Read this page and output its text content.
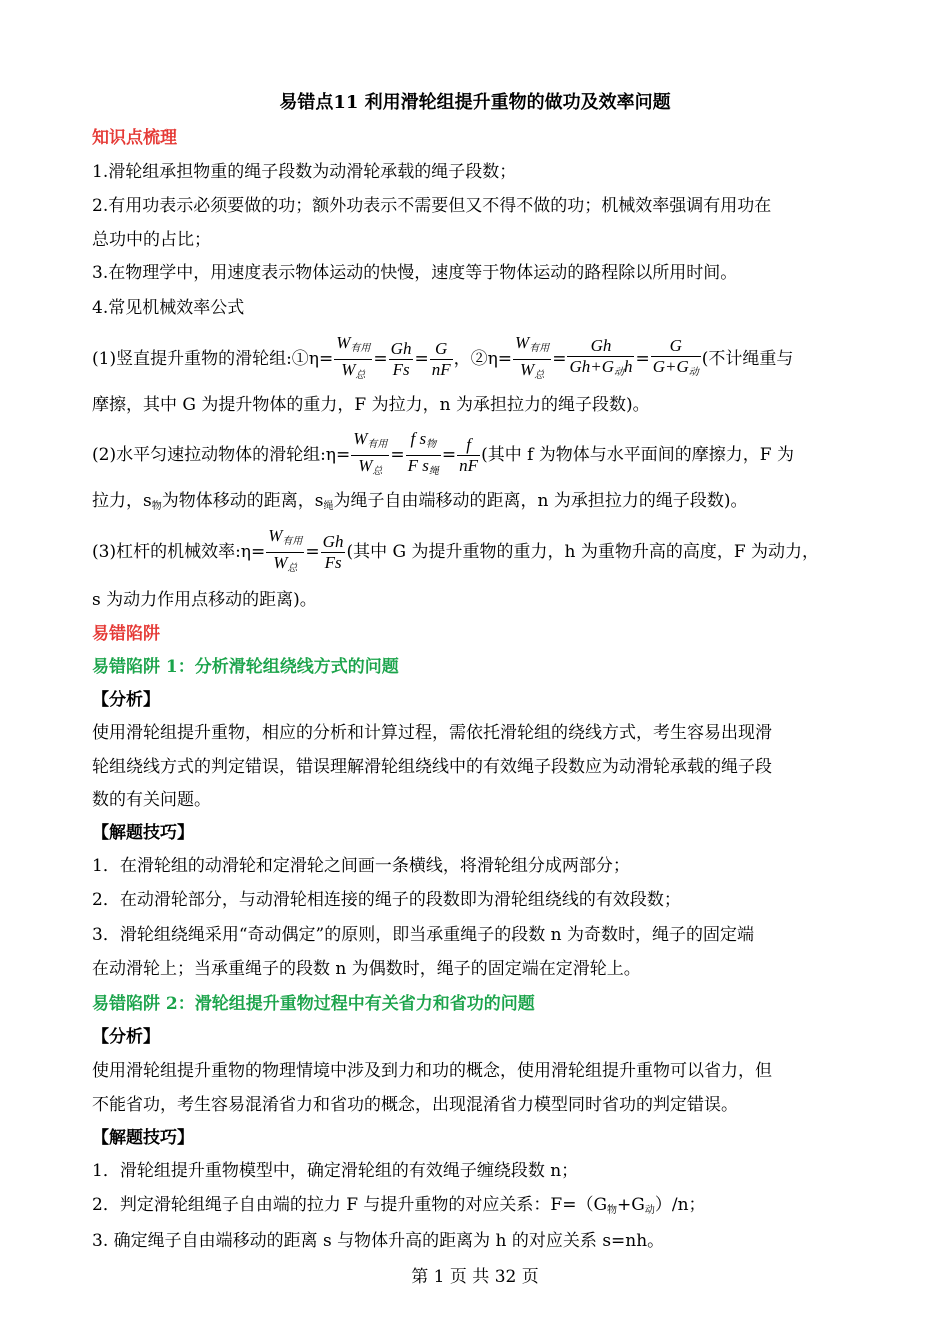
易错点11 利用滑轮组提升重物的做功及效率问题
知识点梳理
1.滑轮组承担物重的绳子段数为动滑轮承载的绳子段数；
2.有用功表示必须要做的功；额外功表示不需要但又不得不做的功；机械效率强调有用功在
总功中的占比；
3.在物理学中，用速度表示物体运动的快慢，速度等于物体运动的路程除以所用时间。
4.常见机械效率公式
(1)竖直提升重物的滑轮组:①η= $\frac{W_{有用}}{W_总} = \frac{Gh}{Fs} = \frac{G}{nF}$ ，②η= $\frac{W_{有用}}{W_总} = \frac{Gh}{Gh+G_动h} = \frac{G}{G+G_动}$ (不计绳重与
摩擦，其中 G 为提升物体的重力，F 为拉力，n 为承担拉力的绳子段数)。
(2)水平匀速拉动物体的滑轮组:η= $\frac{W_{有用}}{W_总} = \frac{f s_物}{F s_绳} = \frac{f}{nF}$ (其中 f 为物体与水平面间的摩擦力，F 为
拉力，s物为物体移动的距离，s绳为绳子自由端移动的距离，n 为承担拉力的绳子段数)。
(3)杠杆的机械效率:η= $\frac{W_{有用}}{W_总} = \frac{Gh}{Fs}$ (其中 G 为提升重物的重力，h 为重物升高的高度，F 为动力，
s 为动力作用点移动的距离)。
易错陷阱
易错陷阱 1：分析滑轮组绕线方式的问题
【分析】
使用滑轮组提升重物，相应的分析和计算过程，需依托滑轮组的绕线方式，考生容易出现滑
轮组绕线方式的判定错误，错误理解滑轮组绕线中的有效绳子段数应为动滑轮承载的绳子段
数的有关问题。
【解题技巧】
1．在滑轮组的动滑轮和定滑轮之间画一条横线，将滑轮组分成两部分；
2．在动滑轮部分，与动滑轮相连接的绳子的段数即为滑轮组绕线的有效段数；
3．滑轮组绕绳采用“奇动偶定”的原则，即当承重绳子的段数 n 为奇数时，绳子的固定端
在动滑轮上；当承重绳子的段数 n 为偶数时，绳子的固定端在定滑轮上。
易错陷阱 2：滑轮组提升重物过程中有关省力和省功的问题
【分析】
使用滑轮组提升重物的物理情境中涉及到力和功的概念，使用滑轮组提升重物可以省力，但
不能省功，考生容易混淆省力和省功的概念，出现混淆省力模型同时省功的判定错误。
【解题技巧】
1．滑轮组提升重物模型中，确定滑轮组的有效绳子缠绕段数 n；
2．判定滑轮组绳子自由端的拉力 F 与提升重物的对应关系：F=（G物+G动）/n；
3. 确定绳子自由端移动的距离 s 与物体升高的距离为 h 的对应关系 s=nh。
第 1 页 共 32 页
